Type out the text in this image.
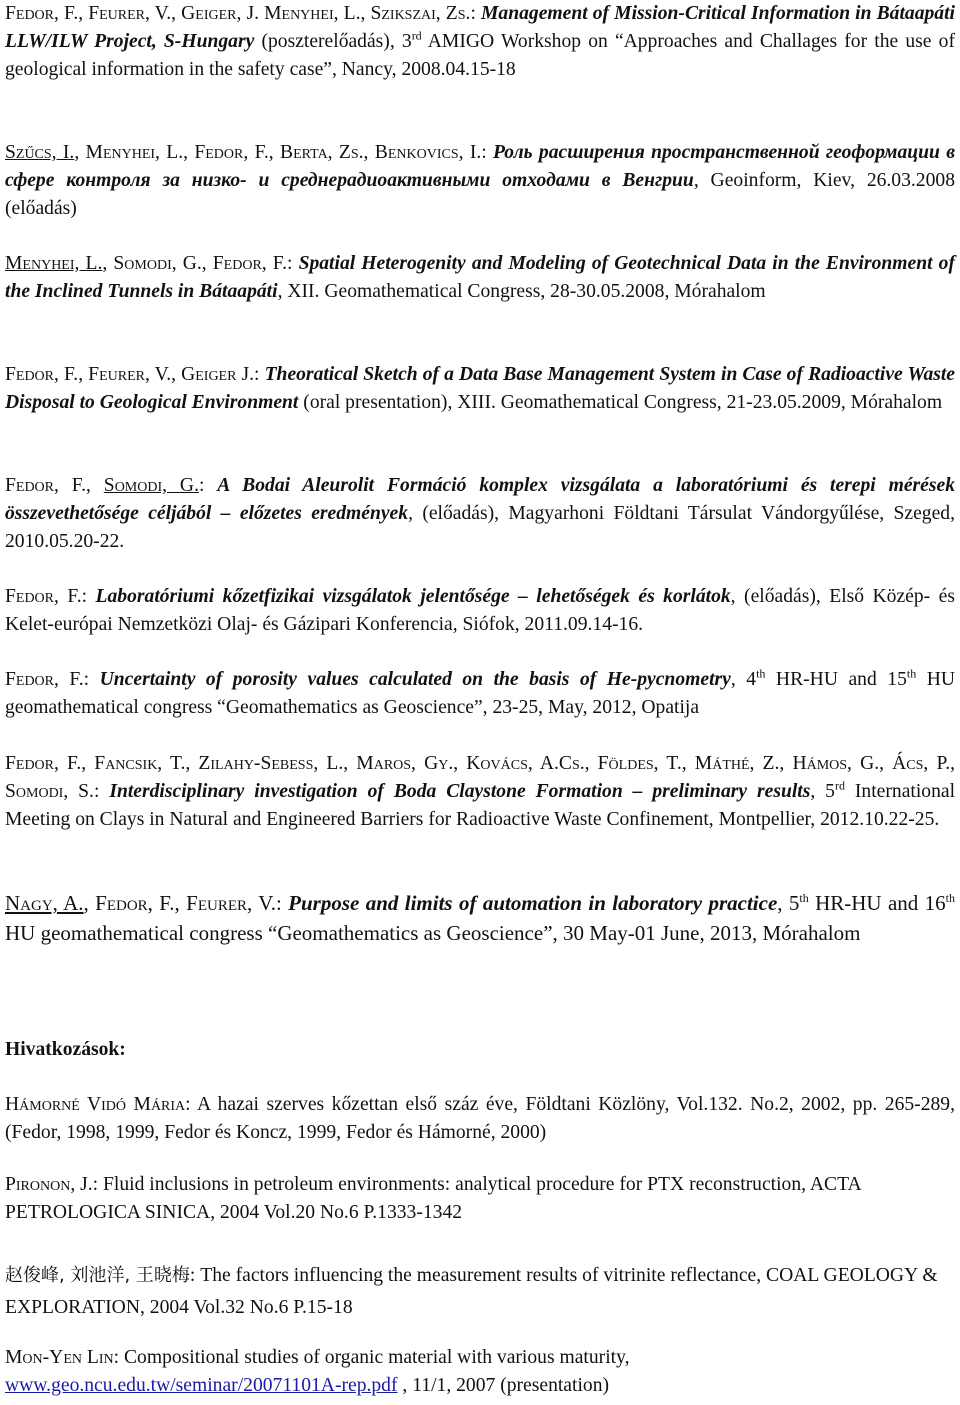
Fedor, F., Feurer, V., Geiger, J. Menyhei, L., Szikszai, Zs.: Management of Mission-Critical Information in Bátaapáti LLW/ILW Project, S-Hungary (poszterelőadás), 3rd AMIGO Workshop on “Approaches and Challages for the use of geological information in the safety case”, Nancy, 2008.04.15-18

Szűcs, I., Menyhei, L., Fedor, F., Berta, Zs., Benkovics, I.: Роль расширения пространственной геоформации в сфере контроля за низко- и среднерадиоактивными отходами в Венгрии, Geoinform, Kiev, 26.03.2008 (előadás)

Menyhei, L., Somodi, G., Fedor, F.: Spatial Heterogenity and Modeling of Geotechnical Data in the Environment of the Inclined Tunnels in Bátaapáti, XII. Geomathematical Congress, 28-30.05.2008, Mórahalom

Fedor, F., Feurer, V., Geiger J.: Theoratical Sketch of a Data Base Management System in Case of Radioactive Waste Disposal to Geological Environment (oral presentation), XIII. Geomathematical Congress, 21-23.05.2009, Mórahalom

Fedor, F., Somodi, G.: A Bodai Aleurolit Formáció komplex vizsgálata a laboratóriumi és terepi mérések összevethetősége céljából – előzetes eredmények, (előadás), Magyarhoni Földtani Társulat Vándorgyűlése, Szeged, 2010.05.20-22.

Fedor, F.: Laboratóriumi kőzetfizikai vizsgálatok jelentősége – lehetőségek és korlátok, (előadás), Első Közép- és Kelet-európai Nemzetközi Olaj- és Gázipari Konferencia, Siófok, 2011.09.14-16.

Fedor, F.: Uncertainty of porosity values calculated on the basis of He-pycnometry, 4th HR-HU and 15th HU geomathematical congress “Geomathematics as Geoscience”, 23-25, May, 2012, Opatija

Fedor, F., Fancsik, T., Zilahy-Sebess, L., Maros, Gy., Kovács, A.Cs., Földes, T., Máthé, Z., Hámos, G., Ács, P., Somodi, S.: Interdisciplinary investigation of Boda Claystone Formation – preliminary results, 5rd International Meeting on Clays in Natural and Engineered Barriers for Radioactive Waste Confinement, Montpellier, 2012.10.22-25.

Nagy, A., Fedor, F., Feurer, V.: Purpose and limits of automation in laboratory practice, 5th HR-HU and 16th HU geomathematical congress “Geomathematics as Geoscience”, 30 May-01 June, 2013, Mórahalom

Hivatkozások:

Hámorné Vidó Mária: A hazai szerves kőzettan első száz éve, Földtani Közlöny, Vol.132. No.2, 2002, pp. 265-289, (Fedor, 1998, 1999, Fedor és Koncz, 1999, Fedor és Hámorné, 2000)

Pironon, J.: Fluid inclusions in petroleum environments: analytical procedure for PTX reconstruction, ACTA PETROLOGICA SINICA, 2004 Vol.20 No.6 P.1333-1342

赵俊峰, 刘池洋, 王晓梅: The factors influencing the measurement results of vitrinite reflectance, COAL GEOLOGY & EXPLORATION, 2004 Vol.32 No.6 P.15-18

Mon-Yen Lin: Compositional studies of organic material with various maturity,
www.geo.ncu.edu.tw/seminar/20071101A-rep.pdf , 11/1, 2007 (presentation)
